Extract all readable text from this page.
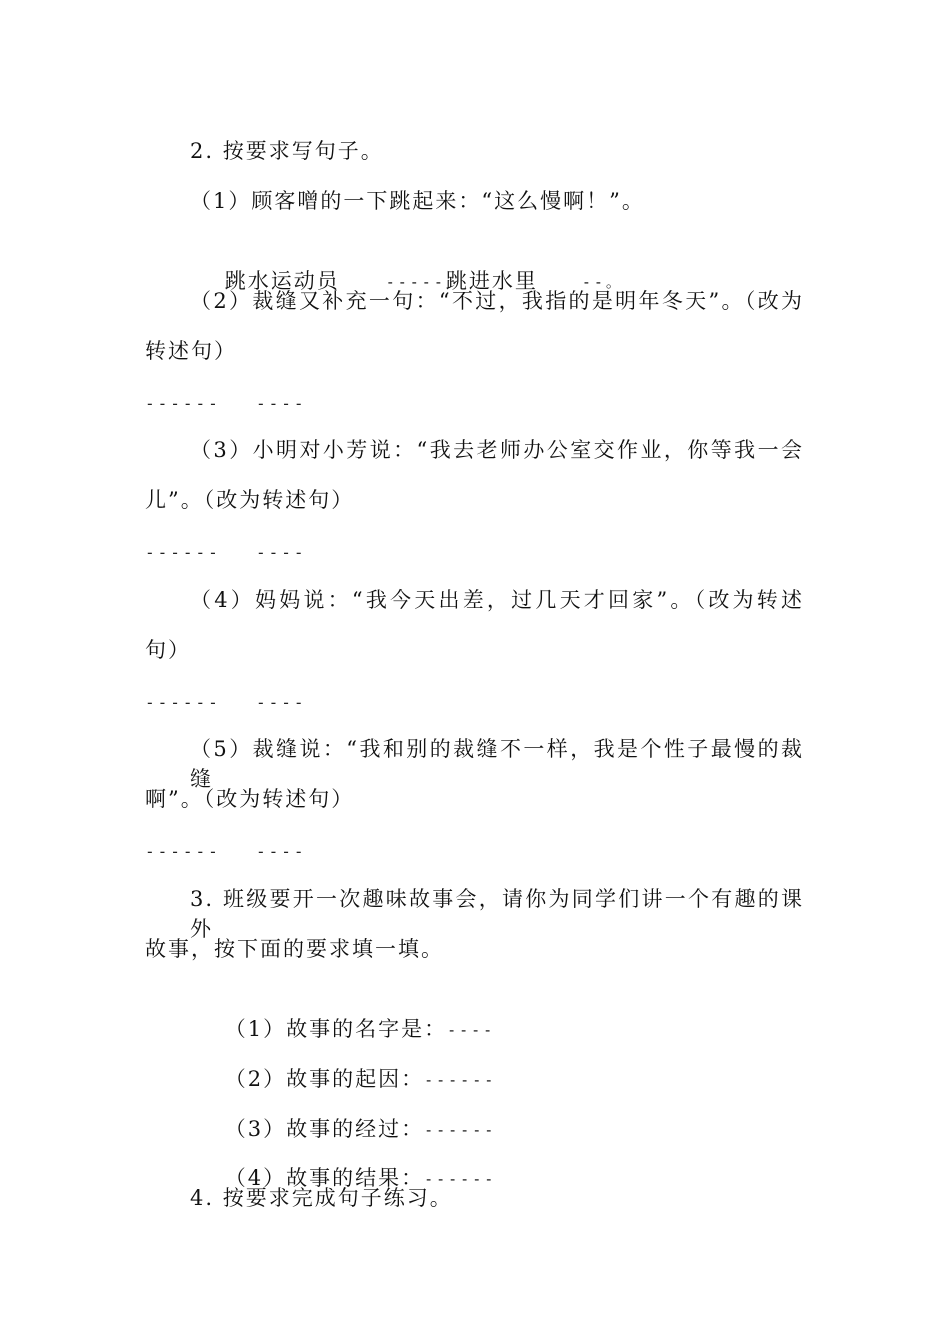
2. 按要求写句子。
（1）顾客噌的一下跳起来：“这么慢啊！”。

跳水运动员	-----跳进水里	--。

（2）裁缝又补充一句：“不过，我指的是明年冬天”。（改为
转述句）
------ ----
（3）小明对小芳说：“我去老师办公室交作业，你等我一会
儿”。（改为转述句）
------ ----
（4）妈妈说：“我今天出差，过几天才回家”。（改为转述
句）
------ ----
（5）裁缝说：“我和别的裁缝不一样，我是个性子最慢的裁缝
啊”。（改为转述句）
------ ----
3. 班级要开一次趣味故事会，请你为同学们讲一个有趣的课外
故事，按下面的要求填一填。

（1）故事的名字是：----

（2）故事的起因：------

（3）故事的经过：------

（4）故事的结果：------

4. 按要求完成句子练习。
